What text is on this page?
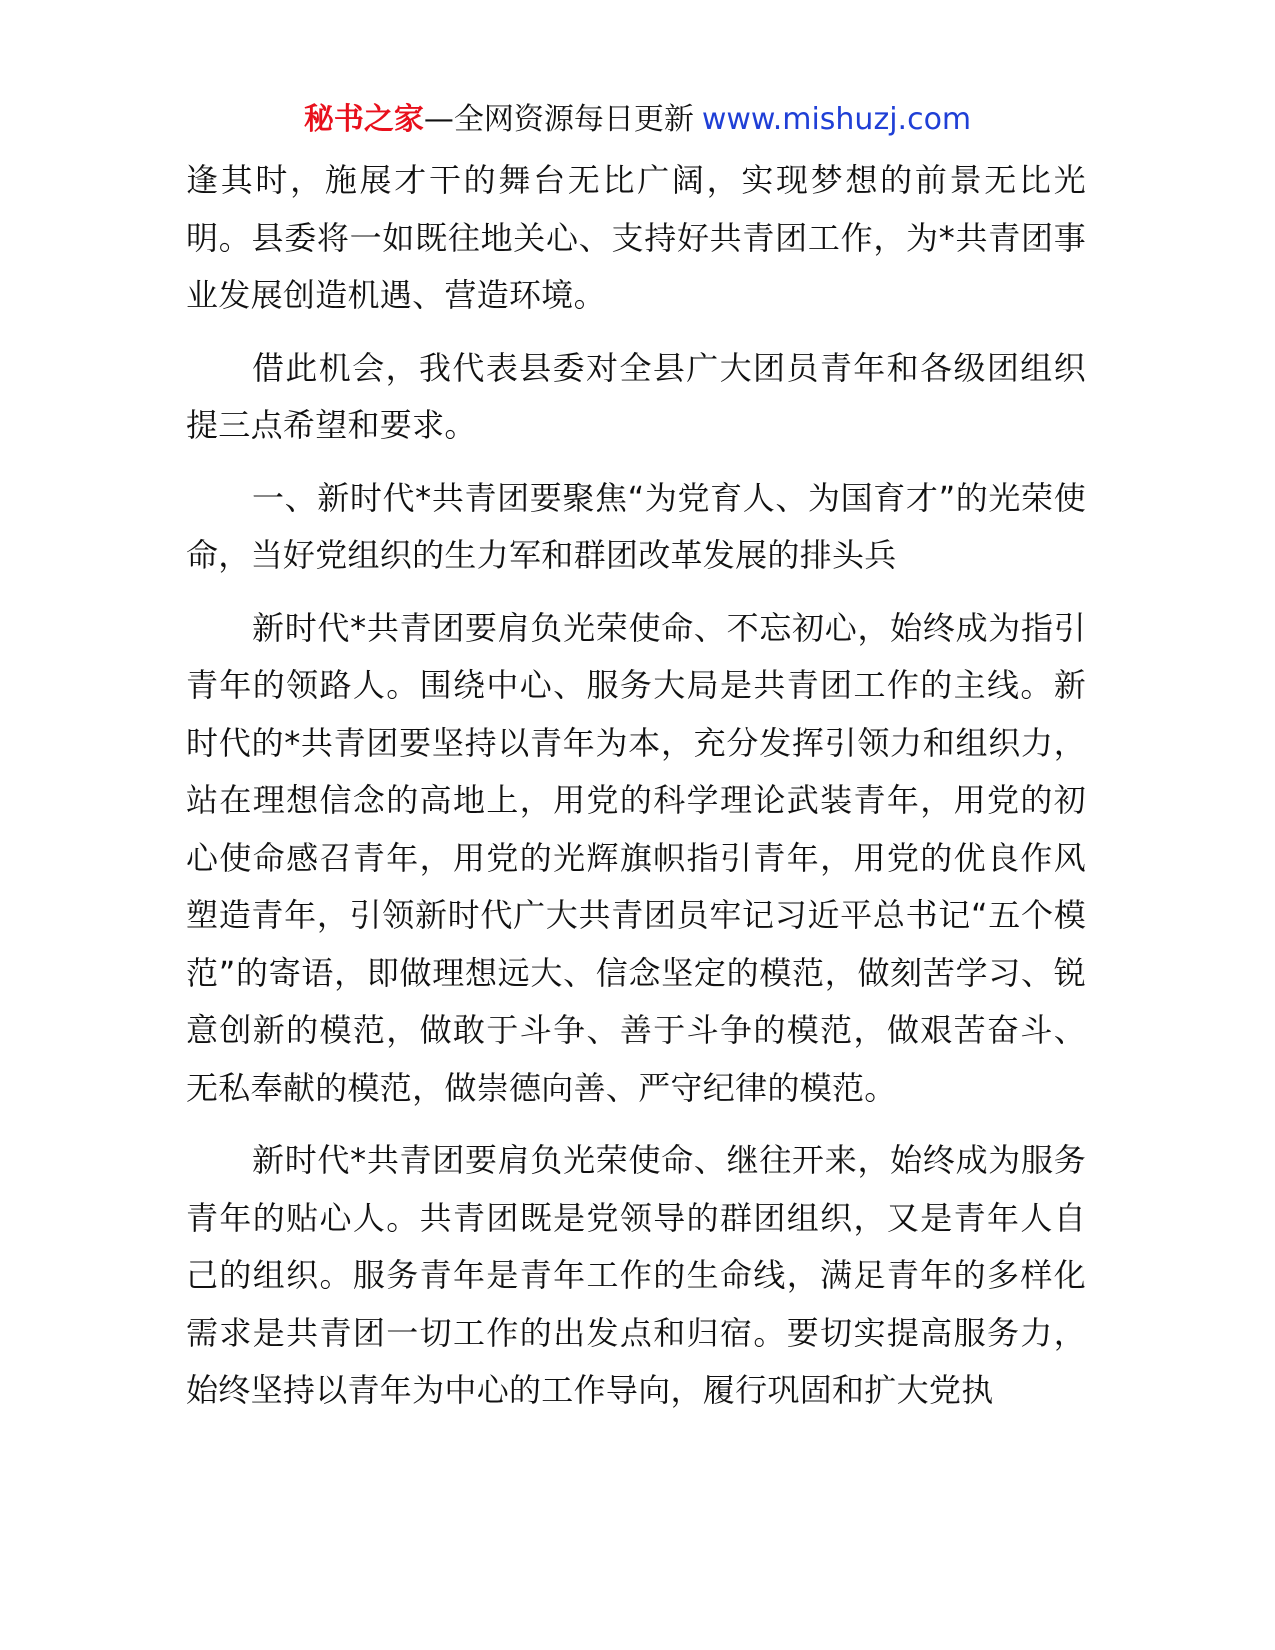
秘书之家—全网资源每日更新 www.mishuzj.com

逢其时，施展才干的舞台无比广阔，实现梦想的前景无比光明。县委将一如既往地关心、支持好共青团工作，为*共青团事业发展创造机遇、营造环境。

借此机会，我代表县委对全县广大团员青年和各级团组织提三点希望和要求。

一、新时代*共青团要聚焦“为党育人、为国育才”的光荣使命，当好党组织的生力军和群团改革发展的排头兵

新时代*共青团要肩负光荣使命、不忘初心，始终成为指引青年的领路人。围绕中心、服务大局是共青团工作的主线。新时代的*共青团要坚持以青年为本，充分发挥引领力和组织力，站在理想信念的高地上，用党的科学理论武装青年，用党的初心使命感召青年，用党的光辉旗帜指引青年，用党的优良作风塑造青年，引领新时代广大共青团员牢记习近平总书记“五个模范”的寄语，即做理想远大、信念坚定的模范，做刻苦学习、锐意创新的模范，做敢于斗争、善于斗争的模范，做艰苦奋斗、无私奉献的模范，做崇德向善、严守纪律的模范。

新时代*共青团要肩负光荣使命、继往开来，始终成为服务青年的贴心人。共青团既是党领导的群团组织，又是青年人自己的组织。服务青年是青年工作的生命线，满足青年的多样化需求是共青团一切工作的出发点和归宿。要切实提高服务力，始终坚持以青年为中心的工作导向，履行巩固和扩大党执
